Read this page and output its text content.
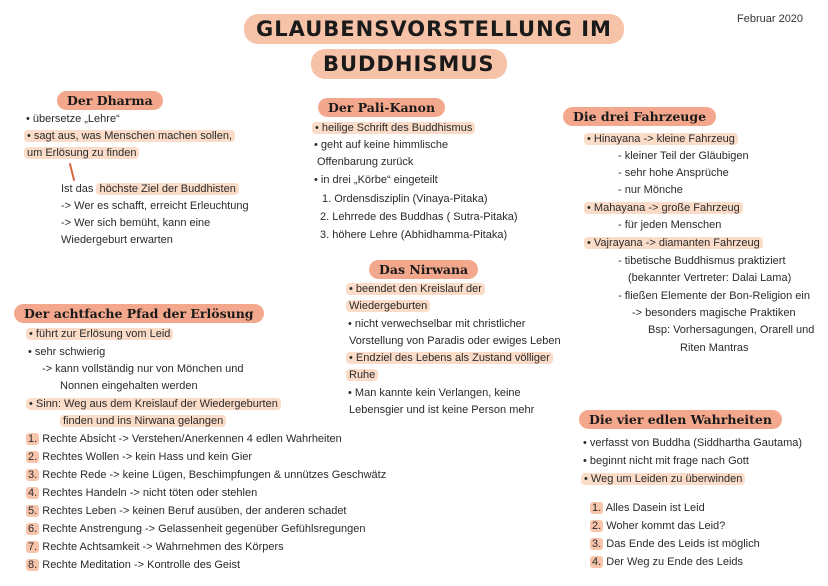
GLAUBENSVORSTELLUNG IM
BUDDHISMUS
Februar 2020
Der Dharma
• übersetze „Lehre“
• sagt aus, was Menschen machen sollen,
um Erlösung zu finden
Ist das höchste Ziel der Buddhisten
-> Wer es schafft, erreicht Erleuchtung
-> Wer sich bemüht, kann eine
Wiedergeburt erwarten
Der Pali-Kanon
• heilige Schrift des Buddhismus
• geht auf keine himmlische
Offenbarung zurück
• in drei „Körbe“ eingeteilt
1. Ordensdisziplin (Vinaya-Pitaka)
2. Lehrrede des Buddhas ( Sutra-Pitaka)
3. höhere Lehre (Abhidhamma-Pitaka)
Die drei Fahrzeuge
• Hinayana -> kleine Fahrzeug
- kleiner Teil der Gläubigen
- sehr hohe Ansprüche
- nur Mönche
• Mahayana -> große Fahrzeug
- für jeden Menschen
• Vajrayana -> diamanten Fahrzeug
- tibetische Buddhismus praktiziert
(bekannter Vertreter: Dalai Lama)
- fließen Elemente der Bon-Religion ein
-> besonders magische Praktiken
Bsp: Vorhersagungen, Orarell und
Riten Mantras
Das Nirwana
• beendet den Kreislauf der
Wiedergeburten
• nicht verwechselbar mit christlicher
Vorstellung von Paradis oder ewiges Leben
• Endziel des Lebens als Zustand völliger
Ruhe
• Man kannte kein Verlangen, keine
Lebensgier und ist keine Person mehr
Der achtfache Pfad der Erlösung
• führt zur Erlösung vom Leid
• sehr schwierig
-> kann vollständig nur von Mönchen und
Nonnen eingehalten werden
• Sinn: Weg aus dem Kreislauf der Wiedergeburten
finden und ins Nirwana gelangen
1. Rechte Absicht -> Verstehen/Anerkennen 4 edlen Wahrheiten
2. Rechtes Wollen -> kein Hass und kein Gier
3. Rechte Rede -> keine Lügen, Beschimpfungen & unnützes Geschwätz
4. Rechtes Handeln -> nicht töten oder stehlen
5. Rechtes Leben -> keinen Beruf ausüben, der anderen schadet
6. Rechte Anstrengung -> Gelassenheit gegenüber Gefühlsregungen
7. Rechte Achtsamkeit -> Wahrnehmen des Körpers
8. Rechte Meditation -> Kontrolle des Geist
Die vier edlen Wahrheiten
• verfasst von Buddha (Siddhartha Gautama)
• beginnt nicht mit frage nach Gott
• Weg um Leiden zu überwinden
1. Alles Dasein ist Leid
2. Woher kommt das Leid?
3. Das Ende des Leids ist möglich
4. Der Weg zu Ende des Leids
